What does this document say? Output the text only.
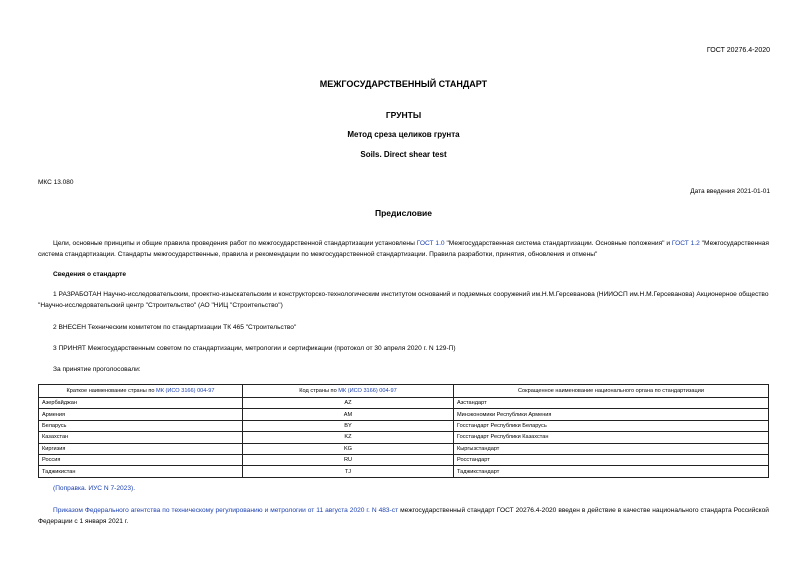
ГОСТ 20276.4-2020
МЕЖГОСУДАРСТВЕННЫЙ СТАНДАРТ
ГРУНТЫ
Метод среза целиков грунта
Soils. Direct shear test
МКС 13.080
Дата введения 2021-01-01
Предисловие
Цели, основные принципы и общие правила проведения работ по межгосударственной стандартизации установлены ГОСТ 1.0 "Межгосударственная система стандартизации. Основные положения" и ГОСТ 1.2 "Межгосударственная система стандартизации. Стандарты межгосударственные, правила и рекомендации по межгосударственной стандартизации. Правила разработки, принятия, обновления и отмены"
Сведения о стандарте
1 РАЗРАБОТАН Научно-исследовательским, проектно-изыскательским и конструкторско-технологическим институтом оснований и подземных сооружений им.Н.М.Герсеванова (НИИОСП им.Н.М.Герсеванова) Акционерное общество "Научно-исследовательский центр "Строительство" (АО "НИЦ "Строительство")
2 ВНЕСЕН Техническим комитетом по стандартизации ТК 465 "Строительство"
3 ПРИНЯТ Межгосударственным советом по стандартизации, метрологии и сертификации (протокол от 30 апреля 2020 г. N 129-П)
За принятие проголосовали:
Краткое наименование страны по МК (ИСО 3166) 004-97	Код страны по МК (ИСО 3166) 004-97	Сокращенное наименование национального органа по стандартизации
Азербайджан	AZ	Азстандарт
Армения	AM	Минэкономики Республики Армения
Беларусь	BY	Госстандарт Республики Беларусь
Казахстан	KZ	Госстандарт Республики Казахстан
Киргизия	KG	Кыргызстандарт
Россия	RU	Росстандарт
Таджикистан	TJ	Таджикстандарт
(Поправка. ИУС N 7-2023).
Приказом Федерального агентства по техническому регулированию и метрологии от 11 августа 2020 г. N 483-ст межгосударственный стандарт ГОСТ 20276.4-2020 введен в действие в качестве национального стандарта Российской Федерации с 1 января 2021 г.
